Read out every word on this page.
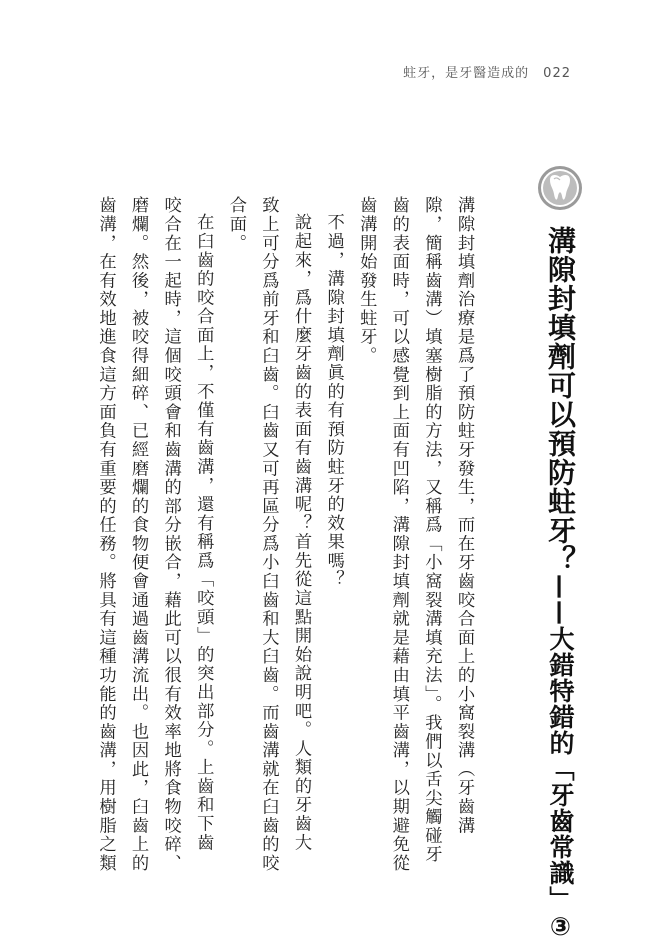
蛀牙，是牙醫造成的 022
溝隙封填劑可以預防蛀牙？——大錯特錯的「牙齒常識」③

溝隙封填劑治療是爲了預防蛀牙發生，而在牙齒咬合面上的小窩裂溝（牙齒溝
隙，簡稱齒溝）填塞樹脂的方法，又稱爲「小窩裂溝填充法」。我們以舌尖觸碰牙
齒的表面時，可以感覺到上面有凹陷，溝隙封填劑就是藉由填平齒溝，以期避免從
齒溝開始發生蛀牙。

不過，溝隙封填劑眞的有預防蛀牙的效果嗎？

說起來，爲什麼牙齒的表面有齒溝呢？首先從這點開始說明吧。人類的牙齒大
致上可分爲前牙和臼齒。臼齒又可再區分爲小臼齒和大臼齒。而齒溝就在臼齒的咬
合面。

在臼齒的咬合面上，不僅有齒溝，還有稱爲「咬頭」的突出部分。上齒和下齒
咬合在一起時，這個咬頭會和齒溝的部分嵌合，藉此可以很有效率地將食物咬碎、
磨爛。然後，被咬得細碎、已經磨爛的食物便會通過齒溝流出。也因此，臼齒上的
齒溝，在有效地進食這方面負有重要的任務。將具有這種功能的齒溝，用樹脂之類
